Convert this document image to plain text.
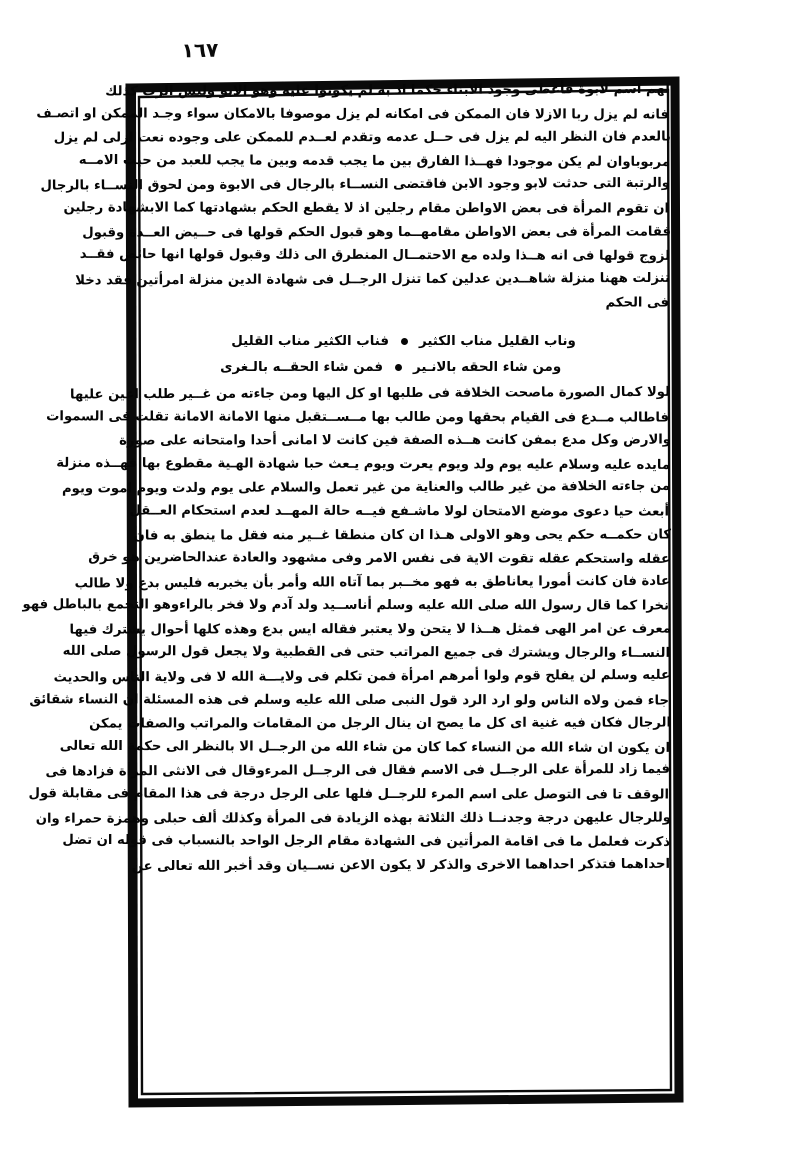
١٦٧
لهم اسم لابوة فأعطى وجود الابناء حكما اذ به لم يكونوا عليه وهو الابو وليس الرب كذلك
فانه لم يزل ربا الازلا فان الممكن فى امكانه لم يزل موصوفا بالامكان سواء وجـد الممكن او اتصـف
بالعدم فان النظر اليه لم يزل فى حــل عدمه وتقدم لعــدم للممكن على وجوده نعت ازلى لم يزل
مربوباوان لم يكن موجودا فهــذا الفارق بين ما يجب قدمه وبين ما يجب للعبد من حيث الامــه
والرتبة التى حدثت لابو وجود الابن فاقتضى النســاء بالرجال فى الابوة ومن لحوق النســاء بالرجال
ان تقوم المرأة فى بعض الاواطن مقام رجلين اذ لا يقطع الحكم بشهادتها كما الابشهادة رجلين
فقامت المرأة فى بعض الاواطن مقامهــما وهو قبول الحكم قولها فى حــيض العــدة وقبول
لزوج قولها فى انه هــذا ولده مع الاحتمــال المنطرق الى ذلك وقبول قولها انها حائض فقــد
تنزلت ههنا منزلة شاهــدين عدلين كما تنزل الرجــل فى شهادة الدين منزلة امرأتين فقد دخلا
فى الحكم
وناب القليل مناب الكثير
فناب الكثير مناب القليل
ومن شاء الحقه بالانـير
فمن شاء الحقــه بالـغرى
لولا كمال الصورة ماصحت الخلافة فى طلبها او كل اليها ومن جاءته من غــير طلب اعين عليها
فاطالب مــدع فى القيام بحقها ومن طالب بها مــســتقبل منها الامانة الامانة تقلت فى السموات
والارض وكل مدع بمفن كانت هــذه الصفة فين كانت لا امانى أحدا وامتحانه على صورة
مايده عليه وسلام عليه يوم ولد ويوم يعرت ويوم يـعث حبا شهادة الهـية مقطوع بها فهــذه منزلة
من جاءته الخلافة من غير طالب والعناية من غير تعمل والسلام على يوم ولدت ويوم اموت ويوم
أبعث حيا دعوى موضع الامتحان لولا ماشـفع فيــه حالة المهــد لعدم استحكام العــقل
كان حكمــه حكم يحى وهو الاولى هـذا ان كان منطقا غــير منه فقل ما ينطق به فان
عقله واستحكم عقله تقوت الاية فى نفس الامر وفى مشهود والعادة عندالحاضرين هو خرق
عادة فان كانت أمورا يعاناطق به فهو مخــبر بما آتاه الله وأمر بأن يخبربه فليس بدع ولا طالب
نخرا كما قال رسول الله صلى الله عليه وسلم أناســيد ولد آدم ولا فخر بالراءوهو التجمع بالباطل فهو
معرف عن امر الهى فمثل هــذا لا يتحن ولا يعتبر فقاله ايس بدع وهذه كلها أحوال يشترك فيها
النســاء والرجال ويشترك فى جميع المراتب حتى فى القطبية ولا يجعل قول الرسول صلى الله
عليه وسلم لن يفلح قوم ولوا أمرهم امرأة فمن تكلم فى ولايـــة الله لا فى ولاية الناس والحديث
جاء فمن ولاه الناس ولو ارد الرد قول النبى صلى الله عليه وسلم فى هذه المسئلة ان النساء شقائق
الرجال فكان فيه غنية اى كل ما يصح ان ينال الرجل من المقامات والمراتب والصفات يمكن
ان يكون ان شاء الله من النساء كما كان من شاء الله من الرجــل الا بالنظر الى حكمة الله تعالى
فيما زاد للمرأة على الرجــل فى الاسم فقال فى الرجــل المرءوقال فى الانثى المرأة فزادها فى
الوقف تا فى التوصل على اسم المرء للرجــل فلها على الرجل درجة فى هذا المقام فى مقابلة قول
وللرجال عليهن درجة وجدنــا ذلك الثلاثة بهذه الزيادة فى المرأة وكذلك ألف حبلى وهمزة حمراء وان
ذكرت فعلمل ما فى اقامة المرأتين فى الشهادة مقام الرجل الواحد بالنسباب فى قوله ان تضل
احداهما فتذكر احداهما الاخرى والذكر لا يكون الاعن نســيان وقد أخبر الله تعالى عن
